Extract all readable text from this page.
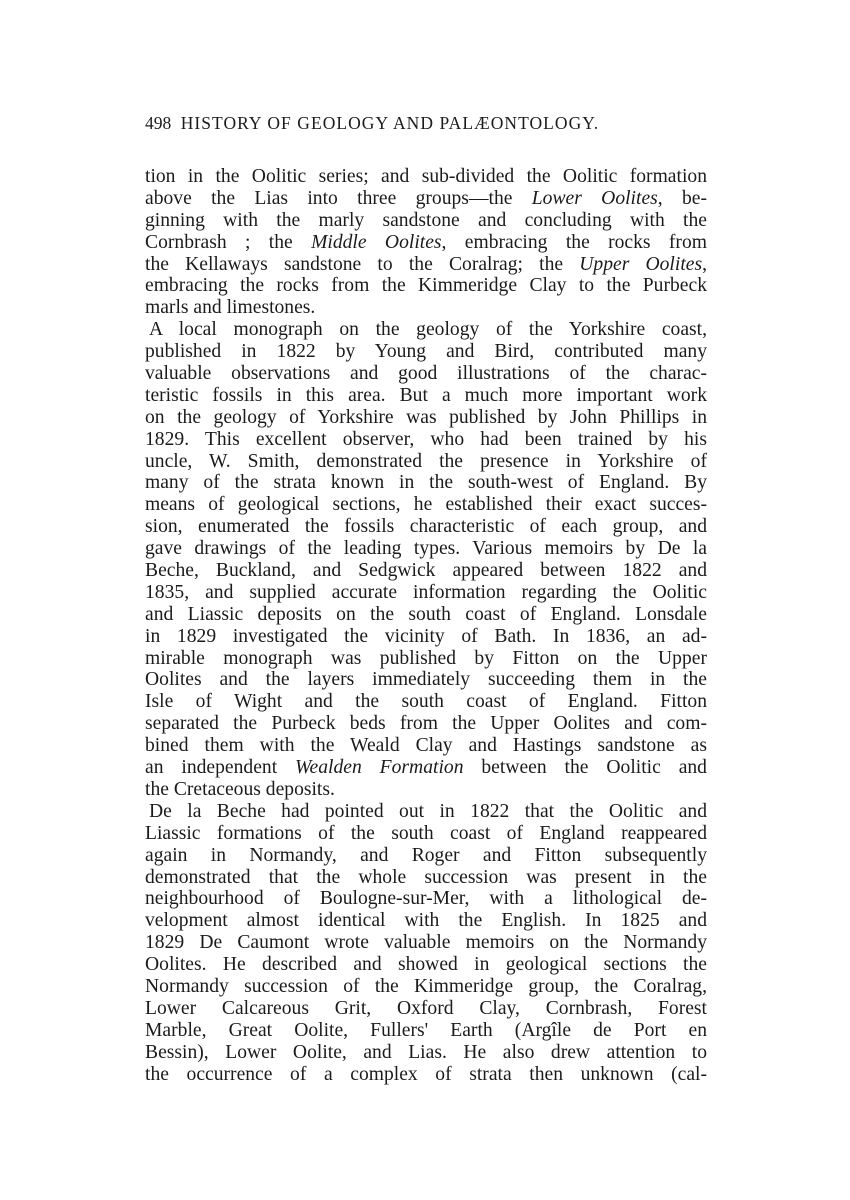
498 HISTORY OF GEOLOGY AND PALÆONTOLOGY.
tion in the Oolitic series; and sub-divided the Oolitic formation
above the Lias into three groups—the Lower Oolites, be-
ginning with the marly sandstone and concluding with the
Cornbrash ; the Middle Oolites, embracing the rocks from
the Kellaways sandstone to the Coralrag; the Upper Oolites,
embracing the rocks from the Kimmeridge Clay to the Purbeck
marls and limestones.
A local monograph on the geology of the Yorkshire coast,
published in 1822 by Young and Bird, contributed many
valuable observations and good illustrations of the charac-
teristic fossils in this area. But a much more important work
on the geology of Yorkshire was published by John Phillips in
1829. This excellent observer, who had been trained by his
uncle, W. Smith, demonstrated the presence in Yorkshire of
many of the strata known in the south-west of England. By
means of geological sections, he established their exact succes-
sion, enumerated the fossils characteristic of each group, and
gave drawings of the leading types. Various memoirs by De la
Beche, Buckland, and Sedgwick appeared between 1822 and
1835, and supplied accurate information regarding the Oolitic
and Liassic deposits on the south coast of England. Lonsdale
in 1829 investigated the vicinity of Bath. In 1836, an ad-
mirable monograph was published by Fitton on the Upper
Oolites and the layers immediately succeeding them in the
Isle of Wight and the south coast of England. Fitton
separated the Purbeck beds from the Upper Oolites and com-
bined them with the Weald Clay and Hastings sandstone as
an independent Wealden Formation between the Oolitic and
the Cretaceous deposits.
De la Beche had pointed out in 1822 that the Oolitic and
Liassic formations of the south coast of England reappeared
again in Normandy, and Roger and Fitton subsequently
demonstrated that the whole succession was present in the
neighbourhood of Boulogne-sur-Mer, with a lithological de-
velopment almost identical with the English. In 1825 and
1829 De Caumont wrote valuable memoirs on the Normandy
Oolites. He described and showed in geological sections the
Normandy succession of the Kimmeridge group, the Coralrag,
Lower Calcareous Grit, Oxford Clay, Cornbrash, Forest
Marble, Great Oolite, Fullers' Earth (Argîle de Port en
Bessin), Lower Oolite, and Lias. He also drew attention to
the occurrence of a complex of strata then unknown (cal-
